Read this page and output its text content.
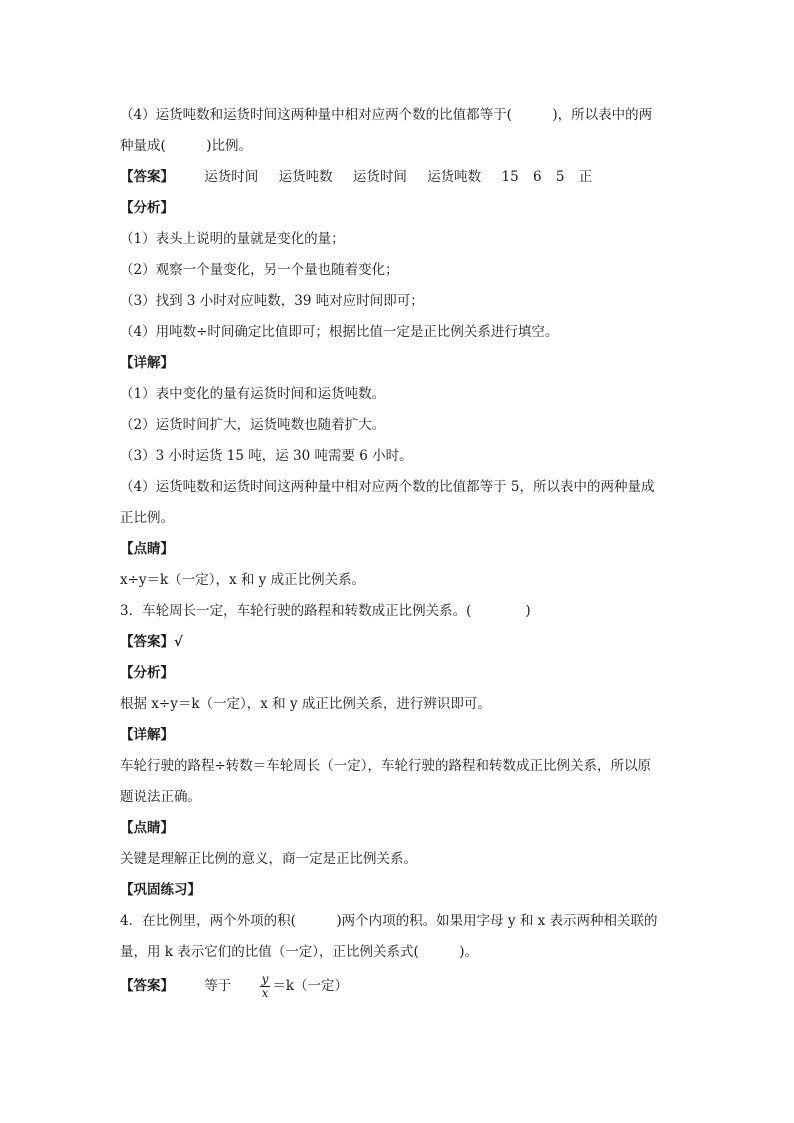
（4）运货吨数和运货时间这两种量中相对应两个数的比值都等于(　　　)，所以表中的两
种量成(　　　)比例。
【答案】 运货时间 运货吨数 运货时间 运货吨数 15 6 5 正
【分析】
（1）表头上说明的量就是变化的量；
（2）观察一个量变化，另一个量也随着变化；
（3）找到 3 小时对应吨数，39 吨对应时间即可；
（4）用吨数÷时间确定比值即可；根据比值一定是正比例关系进行填空。
【详解】
（1）表中变化的量有运货时间和运货吨数。
（2）运货时间扩大，运货吨数也随着扩大。
（3）3 小时运货 15 吨，运 30 吨需要 6 小时。
（4）运货吨数和运货时间这两种量中相对应两个数的比值都等于 5，所以表中的两种量成
正比例。
【点睛】
x÷y＝k（一定），x 和 y 成正比例关系。
3．车轮周长一定，车轮行驶的路程和转数成正比例关系。(　　　　)
【答案】√
【分析】
根据 x÷y＝k（一定），x 和 y 成正比例关系，进行辨识即可。
【详解】
车轮行驶的路程÷转数＝车轮周长（一定），车轮行驶的路程和转数成正比例关系，所以原
题说法正确。
【点睛】
关键是理解正比例的意义，商一定是正比例关系。
【巩固练习】
4．在比例里，两个外项的积(　　　)两个内项的积。如果用字母 y 和 x 表示两种相关联的
量，用 k 表示它们的比值（一定），正比例关系式(　　　)。
【答案】 等于 $\frac{y}{x} =k$（一定）
